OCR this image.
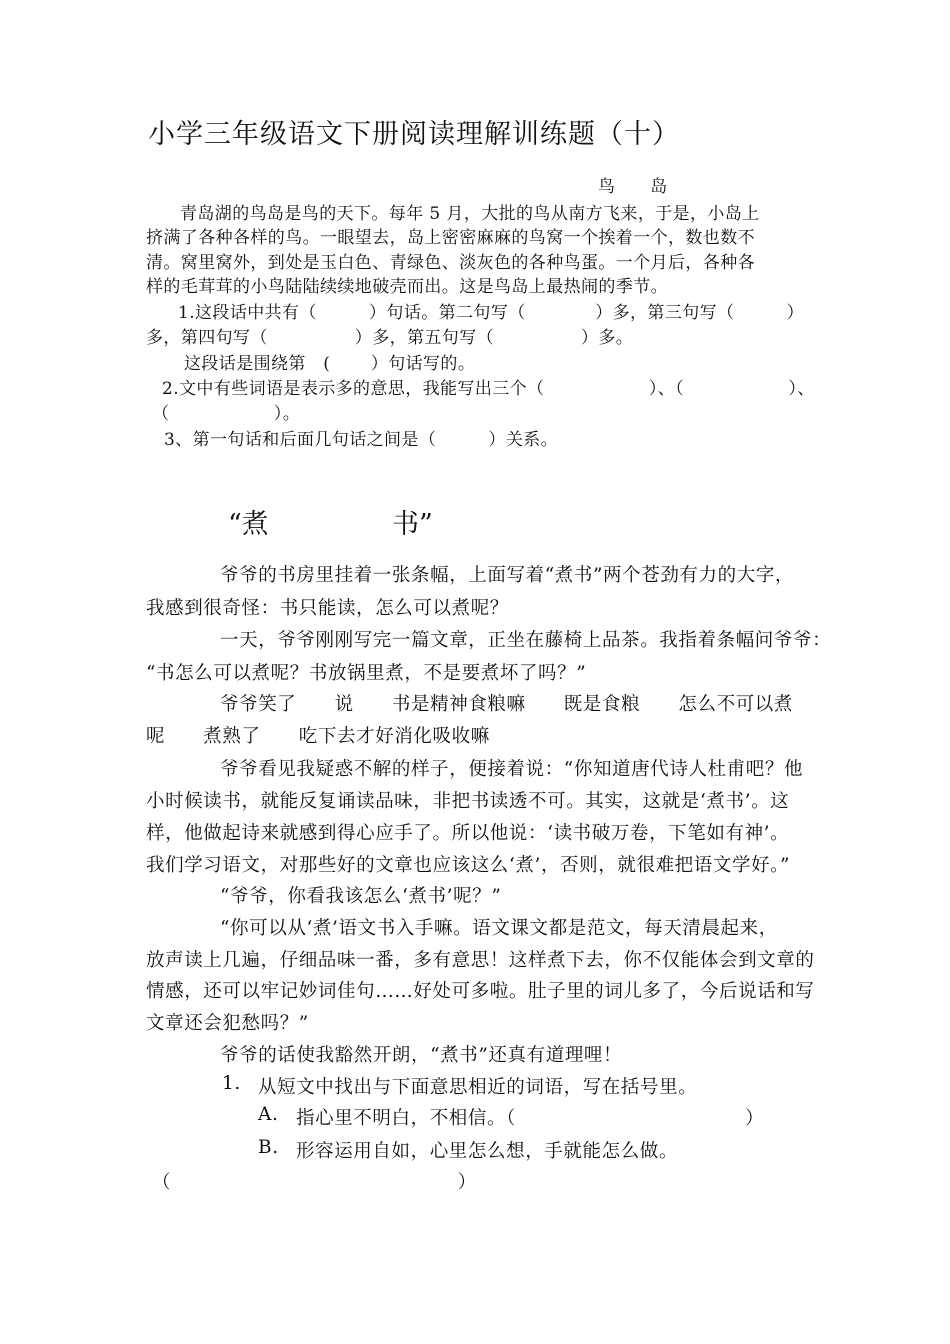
小学三年级语文下册阅读理解训练题（十）
鸟　　岛
青岛湖的鸟岛是鸟的天下。每年 5 月，大批的鸟从南方飞来，于是，小岛上
挤满了各种各样的鸟。一眼望去，岛上密密麻麻的鸟窝一个挨着一个，数也数不
清。窝里窝外，到处是玉白色、青绿色、淡灰色的各种鸟蛋。一个月后，各种各
样的毛茸茸的小鸟陆陆续续地破壳而出。这是鸟岛上最热闹的季节。
1.这段话中共有（　　　）句话。第二句写（　　　　）多，第三句写（　　　）
多，第四句写（　　　　　）多，第五句写（　　　　　）多。
这段话是围绕第　(　　 ）句话写的。
2.文中有些词语是表示多的意思，我能写出三个（　　　　　　）、（　　　　　　）、
（　　　　　　）。
3、第一句话和后面几句话之间是（　　　）关系。
“煮	书”
爷爷的书房里挂着一张条幅，上面写着“煮书”两个苍劲有力的大字，
我感到很奇怪：书只能读，怎么可以煮呢？
一天，爷爷刚刚写完一篇文章，正坐在藤椅上品茶。我指着条幅问爷爷：
“书怎么可以煮呢？书放锅里煮，不是要煮坏了吗？”
爷爷笑了　　说　　书是精神食粮嘛　　既是食粮　　怎么不可以煮
呢　　煮熟了　　吃下去才好消化吸收嘛
爷爷看见我疑惑不解的样子，便接着说：“你知道唐代诗人杜甫吧？他
小时候读书，就能反复诵读品味，非把书读透不可。其实，这就是‘煮书’。这
样，他做起诗来就感到得心应手了。所以他说：‘读书破万卷，下笔如有神’。
我们学习语文，对那些好的文章也应该这么‘煮’，否则，就很难把语文学好。”
“爷爷，你看我该怎么‘煮书’呢？”
“你可以从‘煮’语文书入手嘛。语文课文都是范文，每天清晨起来，
放声读上几遍，仔细品味一番，多有意思！这样煮下去，你不仅能体会到文章的
情感，还可以牢记妙词佳句……好处可多啦。肚子里的词儿多了，今后说话和写
文章还会犯愁吗？”
爷爷的话使我豁然开朗，“煮书”还真有道理哩！
1. 从短文中找出与下面意思相近的词语，写在括号里。
A. 指心里不明白，不相信。（　　　　　　　　　　　　）
B. 形容运用自如，心里怎么想，手就能怎么做。
（　　　　　　　　　　　　　　　）
